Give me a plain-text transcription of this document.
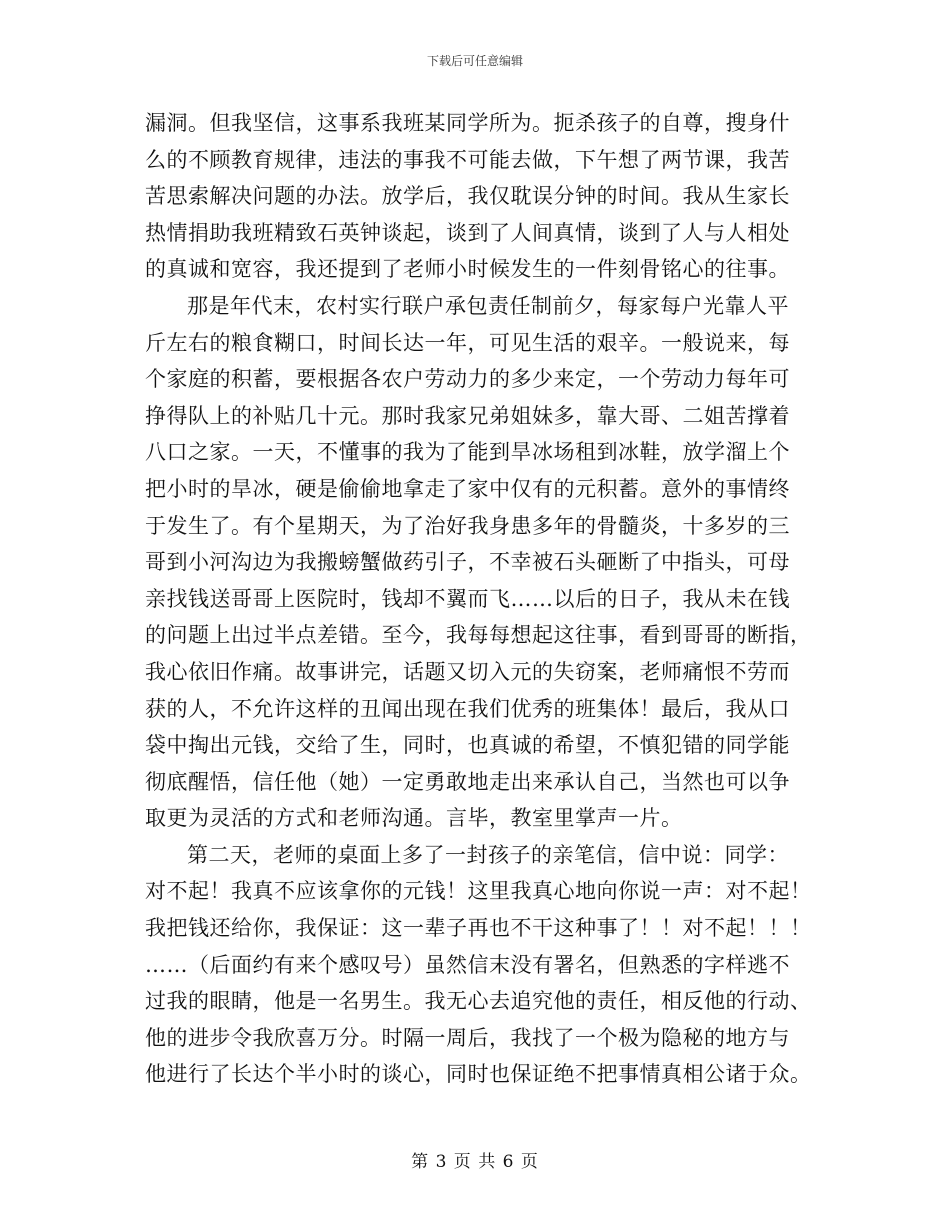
下载后可任意编辑
漏洞。但我坚信，这事系我班某同学所为。扼杀孩子的自尊，搜身什
么的不顾教育规律，违法的事我不可能去做，下午想了两节课，我苦
苦思索解决问题的办法。放学后，我仅耽误分钟的时间。我从生家长
热情捐助我班精致石英钟谈起，谈到了人间真情，谈到了人与人相处
的真诚和宽容，我还提到了老师小时候发生的一件刻骨铭心的往事。
那是年代末，农村实行联户承包责任制前夕，每家每户光靠人平
斤左右的粮食糊口，时间长达一年，可见生活的艰辛。一般说来，每
个家庭的积蓄，要根据各农户劳动力的多少来定，一个劳动力每年可
挣得队上的补贴几十元。那时我家兄弟姐妹多，靠大哥、二姐苦撑着
八口之家。一天，不懂事的我为了能到旱冰场租到冰鞋，放学溜上个
把小时的旱冰，硬是偷偷地拿走了家中仅有的元积蓄。意外的事情终
于发生了。有个星期天，为了治好我身患多年的骨髓炎，十多岁的三
哥到小河沟边为我搬螃蟹做药引子，不幸被石头砸断了中指头，可母
亲找钱送哥哥上医院时，钱却不翼而飞……以后的日子，我从未在钱
的问题上出过半点差错。至今，我每每想起这往事，看到哥哥的断指，
我心依旧作痛。故事讲完，话题又切入元的失窃案，老师痛恨不劳而
获的人，不允许这样的丑闻出现在我们优秀的班集体！最后，我从口
袋中掏出元钱，交给了生，同时，也真诚的希望，不慎犯错的同学能
彻底醒悟，信任他（她）一定勇敢地走出来承认自己，当然也可以争
取更为灵活的方式和老师沟通。言毕，教室里掌声一片。
第二天，老师的桌面上多了一封孩子的亲笔信，信中说：同学：
对不起！我真不应该拿你的元钱！这里我真心地向你说一声：对不起！
我把钱还给你，我保证：这一辈子再也不干这种事了！！对不起！！！
……（后面约有来个感叹号）虽然信末没有署名，但熟悉的字样逃不
过我的眼睛，他是一名男生。我无心去追究他的责任，相反他的行动、
他的进步令我欣喜万分。时隔一周后，我找了一个极为隐秘的地方与
他进行了长达个半小时的谈心，同时也保证绝不把事情真相公诸于众。
第 3 页 共 6 页
